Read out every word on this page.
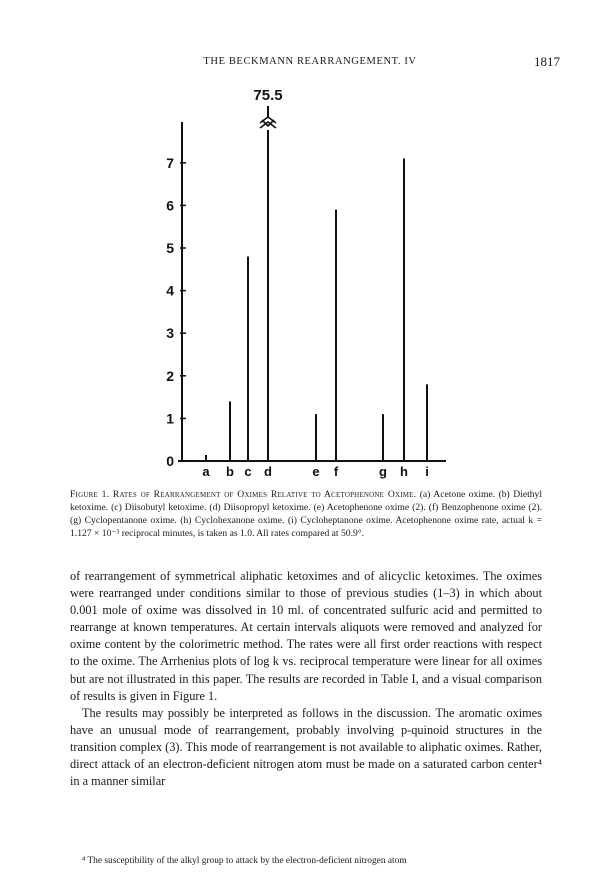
THE BECKMANN REARRANGEMENT. IV	1817
0
1
2
3
4
5
6
7
a b c d	e f	g h i
75.5
Figure 1. Rates of Rearrangement of Oximes Relative to Acetophenone Oxime. (a) Acetone oxime. (b) Diethyl ketoxime. (c) Diisobutyl ketoxime. (d) Diisopropyl ketoxime. (e) Acetophenone oxime (2). (f) Benzophenone oxime (2). (g) Cyclopentanone oxime. (h) Cyclohexanone oxime. (i) Cycloheptanone oxime. Acetophenone oxime rate, actual k = 1.127 × 10⁻³ reciprocal minutes, is taken as 1.0. All rates compared at 50.9°.

of rearrangement of symmetrical aliphatic ketoximes and of alicyclic ketoximes. The oximes were rearranged under conditions similar to those of previous studies (1–3) in which about 0.001 mole of oxime was dissolved in 10 ml. of concentrated sulfuric acid and permitted to rearrange at known temperatures. At certain intervals aliquots were removed and analyzed for oxime content by the colorimetric method. The rates were all first order reactions with respect to the oxime. The Arrhenius plots of log k vs. reciprocal temperature were linear for all oximes but are not illustrated in this paper. The results are recorded in Table I, and a visual comparison of results is given in Figure 1.

The results may possibly be interpreted as follows in the discussion. The aromatic oximes have an unusual mode of rearrangement, probably involving p-quinoid structures in the transition complex (3). This mode of rearrangement is not available to aliphatic oximes. Rather, direct attack of an electron-deficient nitrogen atom must be made on a saturated carbon center⁴ in a manner similar

⁴ The susceptibility of the alkyl group to attack by the electron-deficient nitrogen atom
